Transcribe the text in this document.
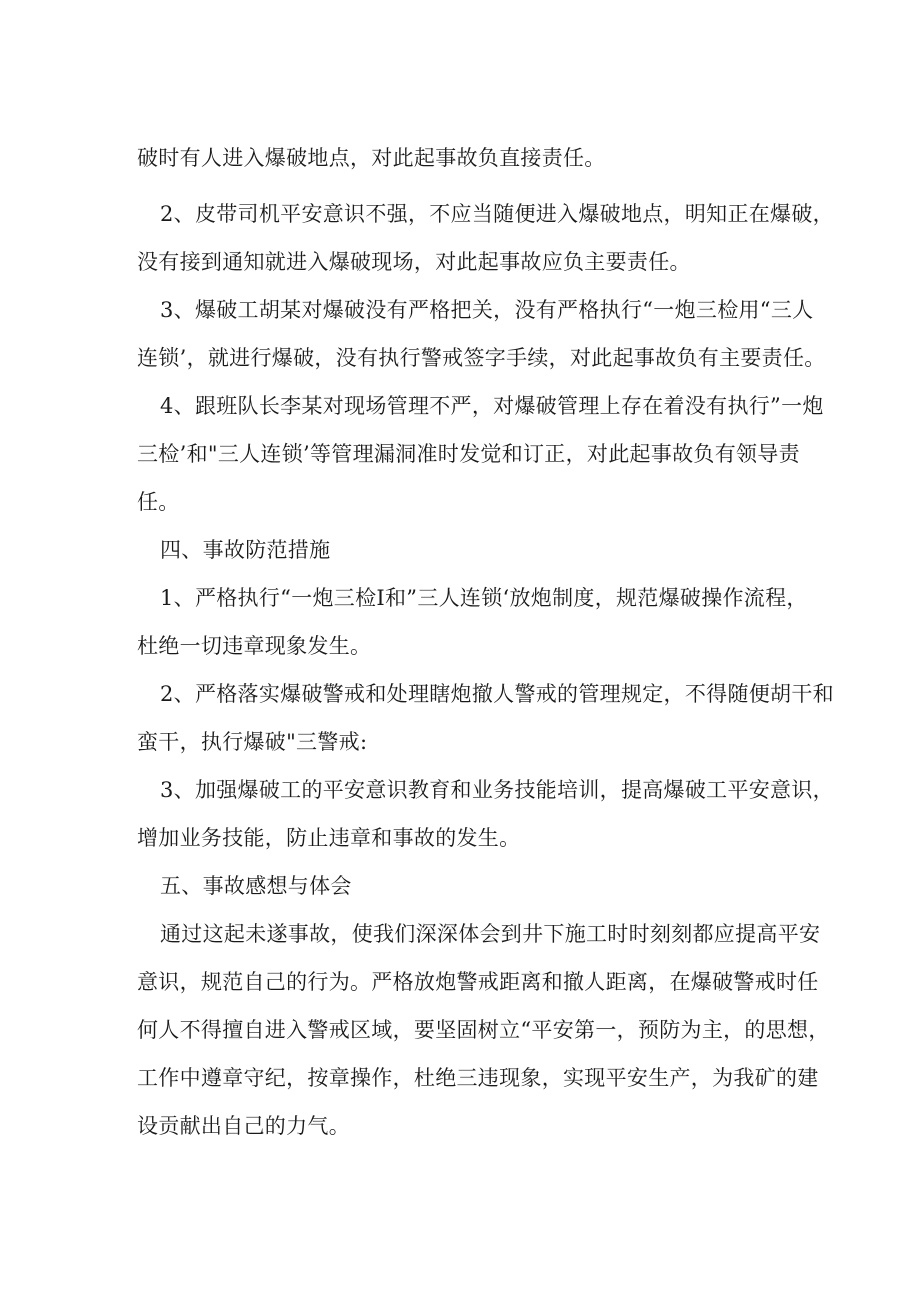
破时有人进入爆破地点，对此起事故负直接责任。
2、皮带司机平安意识不强，不应当随便进入爆破地点，明知正在爆破，
没有接到通知就进入爆破现场，对此起事故应负主要责任。
3、爆破工胡某对爆破没有严格把关，没有严格执行“一炮三检用“三人
连锁’，就进行爆破，没有执行警戒签字手续，对此起事故负有主要责任。
4、跟班队长李某对现场管理不严，对爆破管理上存在着没有执行”一炮
三检’和"三人连锁’等管理漏洞准时发觉和订正，对此起事故负有领导责
任。
四、事故防范措施
1、严格执行“一炮三检I和”三人连锁‘放炮制度，规范爆破操作流程，
杜绝一切违章现象发生。
2、严格落实爆破警戒和处理瞎炮撤人警戒的管理规定，不得随便胡干和
蛮干，执行爆破"三警戒:
3、加强爆破工的平安意识教育和业务技能培训，提高爆破工平安意识，
增加业务技能，防止违章和事故的发生。
五、事故感想与体会
通过这起未遂事故，使我们深深体会到井下施工时时刻刻都应提高平安
意识，规范自己的行为。严格放炮警戒距离和撤人距离，在爆破警戒时任
何人不得擅自进入警戒区域，要坚固树立“平安第一，预防为主，的思想，
工作中遵章守纪，按章操作，杜绝三违现象，实现平安生产，为我矿的建
设贡献出自己的力气。
